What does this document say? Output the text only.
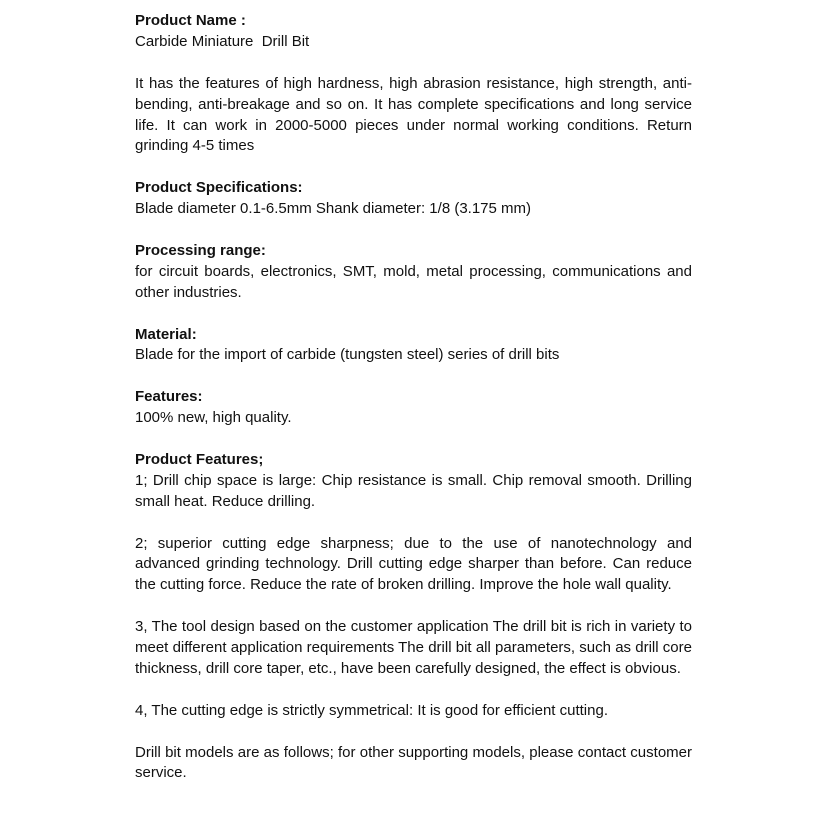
Product Name :
Carbide Miniature  Drill Bit
It has the features of high hardness, high abrasion resistance, high strength, anti-bending, anti-breakage and so on. It has complete specifications and long service life. It can work in 2000-5000 pieces under normal working conditions. Return grinding 4-5 times
Product Specifications:
Blade diameter 0.1-6.5mm Shank diameter: 1/8 (3.175 mm)
Processing range:
for circuit boards, electronics, SMT, mold, metal processing, communications and other industries.
Material:
Blade for the import of carbide (tungsten steel) series of drill bits
Features:
100% new, high quality.
Product Features;
1; Drill chip space is large: Chip resistance is small. Chip removal smooth. Drilling small heat. Reduce drilling.
2; superior cutting edge sharpness; due to the use of nanotechnology and advanced grinding technology. Drill cutting edge sharper than before. Can reduce the cutting force. Reduce the rate of broken drilling. Improve the hole wall quality.
3, The tool design based on the customer application The drill bit is rich in variety to meet different application requirements The drill bit all parameters, such as drill core thickness, drill core taper, etc., have been carefully designed, the effect is obvious.
4, The cutting edge is strictly symmetrical: It is good for efficient cutting.
Drill bit models are as follows; for other supporting models, please contact customer service.
